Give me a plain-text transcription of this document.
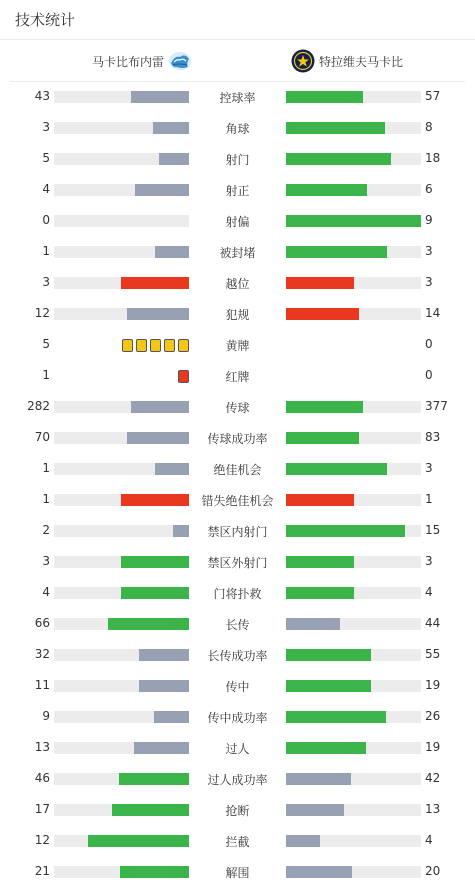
技术统计
马卡比布内雷	特拉维夫马卡比
43	控球率	57
3	角球	8
5	射门	18
4	射正	6
0	射偏	9
1	被封堵	3
3	越位	3
12	犯规	14
5	黄牌	0
1	红牌	0
282	传球	377
70	传球成功率	83
1	绝佳机会	3
1	错失绝佳机会	1
2	禁区内射门	15
3	禁区外射门	3
4	门将扑救	4
66	长传	44
32	长传成功率	55
11	传中	19
9	传中成功率	26
13	过人	19
46	过人成功率	42
17	抢断	13
12	拦截	4
21	解围	20
